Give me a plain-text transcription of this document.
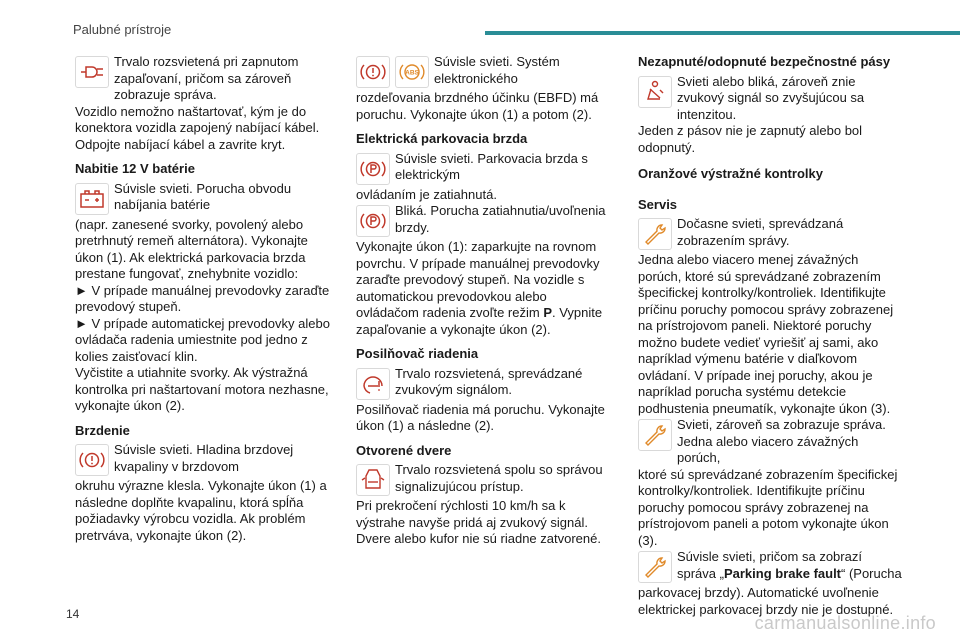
Palubné prístroje

Trvalo rozsvietená pri zapnutom zapaľovaní, pričom sa zároveň zobrazuje správa.

Vozidlo nemožno naštartovať, kým je do konektora vozidla zapojený nabíjací kábel. Odpojte nabíjací kábel a zavrite kryt.

Nabitie 12 V batérie

Súvisle svieti. Porucha obvodu nabíjania batérie

(napr. zanesené svorky, povolený alebo pretrhnutý remeň alternátora). Vykonajte úkon (1). Ak elektrická parkovacia brzda prestane fungovať, znehybnite vozidlo:

► V prípade manuálnej prevodovky zaraďte prevodový stupeň.

► V prípade automatickej prevodovky alebo ovládača radenia umiestnite pod jedno z kolies zaisťovací klin.

Vyčistite a utiahnite svorky. Ak výstražná kontrolka pri naštartovaní motora nezhasne, vykonajte úkon (2).

Brzdenie

Súvisle svieti. Hladina brzdovej kvapaliny v brzdovom

okruhu výrazne klesla. Vykonajte úkon (1) a následne doplňte kvapalinu, ktorá spĺňa požiadavky výrobcu vozidla. Ak problém pretrváva, vykonajte úkon (2).

ABS

Súvisle svieti. Systém elektronického

rozdeľovania brzdného účinku (EBFD) má poruchu. Vykonajte úkon (1) a potom (2).

Elektrická parkovacia brzda

Súvisle svieti. Parkovacia brzda s elektrickým

ovládaním je zatiahnutá.

Bliká. Porucha zatiahnutia/uvoľnenia brzdy.

Vykonajte úkon (1): zaparkujte na rovnom povrchu. V prípade manuálnej prevodovky zaraďte prevodový stupeň. Na vozidle s automatickou prevodovkou alebo ovládačom radenia zvoľte režim P. Vypnite zapaľovanie a vykonajte úkon (2).

Posilňovač riadenia

Trvalo rozsvietená, sprevádzané zvukovým signálom.

Posilňovač riadenia má poruchu. Vykonajte úkon (1) a následne (2).

Otvorené dvere

Trvalo rozsvietená spolu so správou signalizujúcou prístup.

Pri prekročení rýchlosti 10 km/h sa k výstrahe navyše pridá aj zvukový signál. Dvere alebo kufor nie sú riadne zatvorené.

Nezapnuté/odopnuté bezpečnostné pásy

Svieti alebo bliká, zároveň znie zvukový signál so zvyšujúcou sa intenzitou.

Jeden z pásov nie je zapnutý alebo bol odopnutý.

Oranžové výstražné kontrolky
Servis

Dočasne svieti, sprevádzaná zobrazením správy.

Jedna alebo viacero menej závažných porúch, ktoré sú sprevádzané zobrazením špecifickej kontrolky/kontroliek. Identifikujte príčinu poruchy pomocou správy zobrazenej na prístrojovom paneli. Niektoré poruchy možno budete vedieť vyriešiť aj sami, ako napríklad výmenu batérie v diaľkovom ovládaní. V prípade inej poruchy, akou je napríklad porucha systému detekcie podhustenia pneumatík, vykonajte úkon (3).

Svieti, zároveň sa zobrazuje správa. Jedna alebo viacero závažných porúch,

ktoré sú sprevádzané zobrazením špecifickej kontrolky/kontroliek. Identifikujte príčinu poruchy pomocou správy zobrazenej na prístrojovom paneli a potom vykonajte úkon (3).

Súvisle svieti, pričom sa zobrazí správa „Parking brake fault“ (Porucha

parkovacej brzdy). Automatické uvoľnenie elektrickej parkovacej brzdy nie je dostupné.

14	carmanualsonline.info
